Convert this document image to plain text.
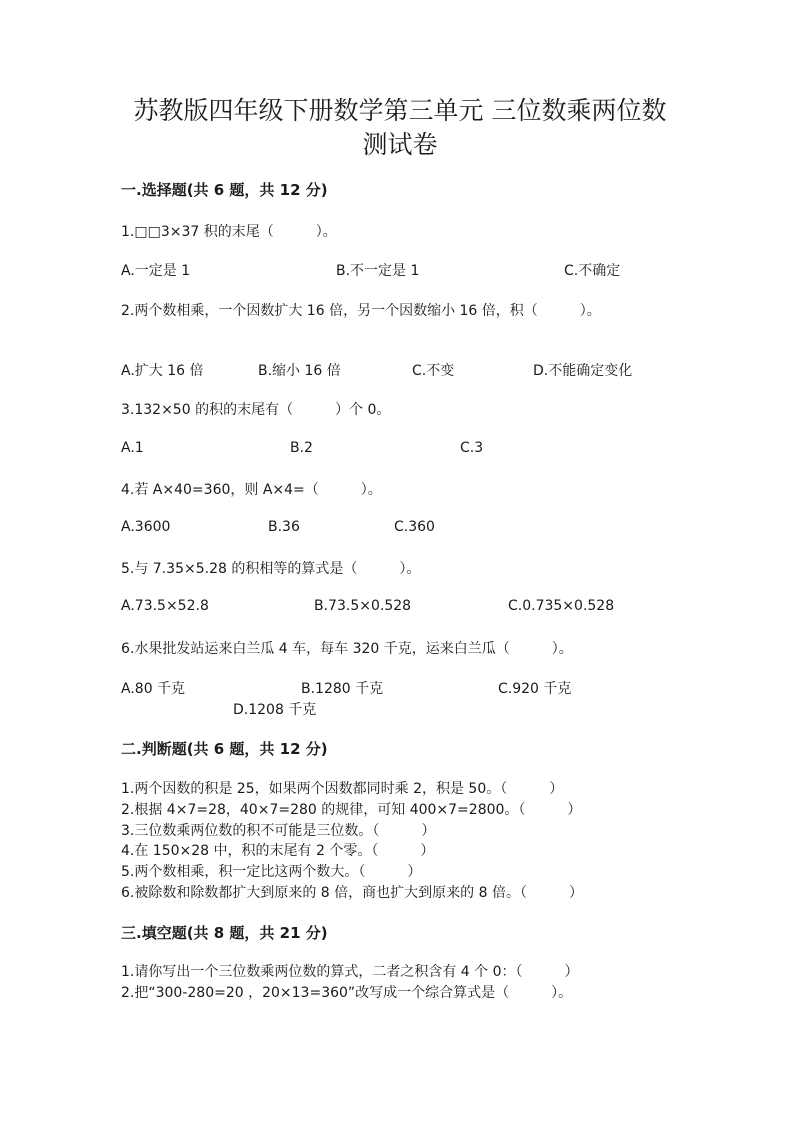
苏教版四年级下册数学第三单元 三位数乘两位数
测试卷
一.选择题(共 6 题，共 12 分)
1.□□3×37 积的末尾（　　　）。
A.一定是 1	B.不一定是 1	C.不确定
2.两个数相乘，一个因数扩大 16 倍，另一个因数缩小 16 倍，积（　　　）。
A.扩大 16 倍	B.缩小 16 倍	C.不变	D.不能确定变化
3.132×50 的积的末尾有（　　　）个 0。
A.1	B.2	C.3
4.若 A×40=360，则 A×4=（　　　）。
A.3600	B.36	C.360
5.与 7.35×5.28 的积相等的算式是（　　　）。
A.73.5×52.8	B.73.5×0.528	C.0.735×0.528
6.水果批发站运来白兰瓜 4 车，每车 320 千克，运来白兰瓜（　　　）。
A.80 千克	B.1280 千克	C.920 千克
D.1208 千克
二.判断题(共 6 题，共 12 分)
1.两个因数的积是 25，如果两个因数都同时乘 2，积是 50。（　　　）
2.根据 4×7=28，40×7=280 的规律，可知 400×7=2800。（　　　）
3.三位数乘两位数的积不可能是三位数。（　　　）
4.在 150×28 中，积的末尾有 2 个零。（　　　）
5.两个数相乘，积一定比这两个数大。（　　　）
6.被除数和除数都扩大到原来的 8 倍，商也扩大到原来的 8 倍。（　　　）
三.填空题(共 8 题，共 21 分)
1.请你写出一个三位数乘两位数的算式，二者之积含有 4 个 0：（　　　）
2.把“300-280=20 ，20×13=360”改写成一个综合算式是（　　　）。
